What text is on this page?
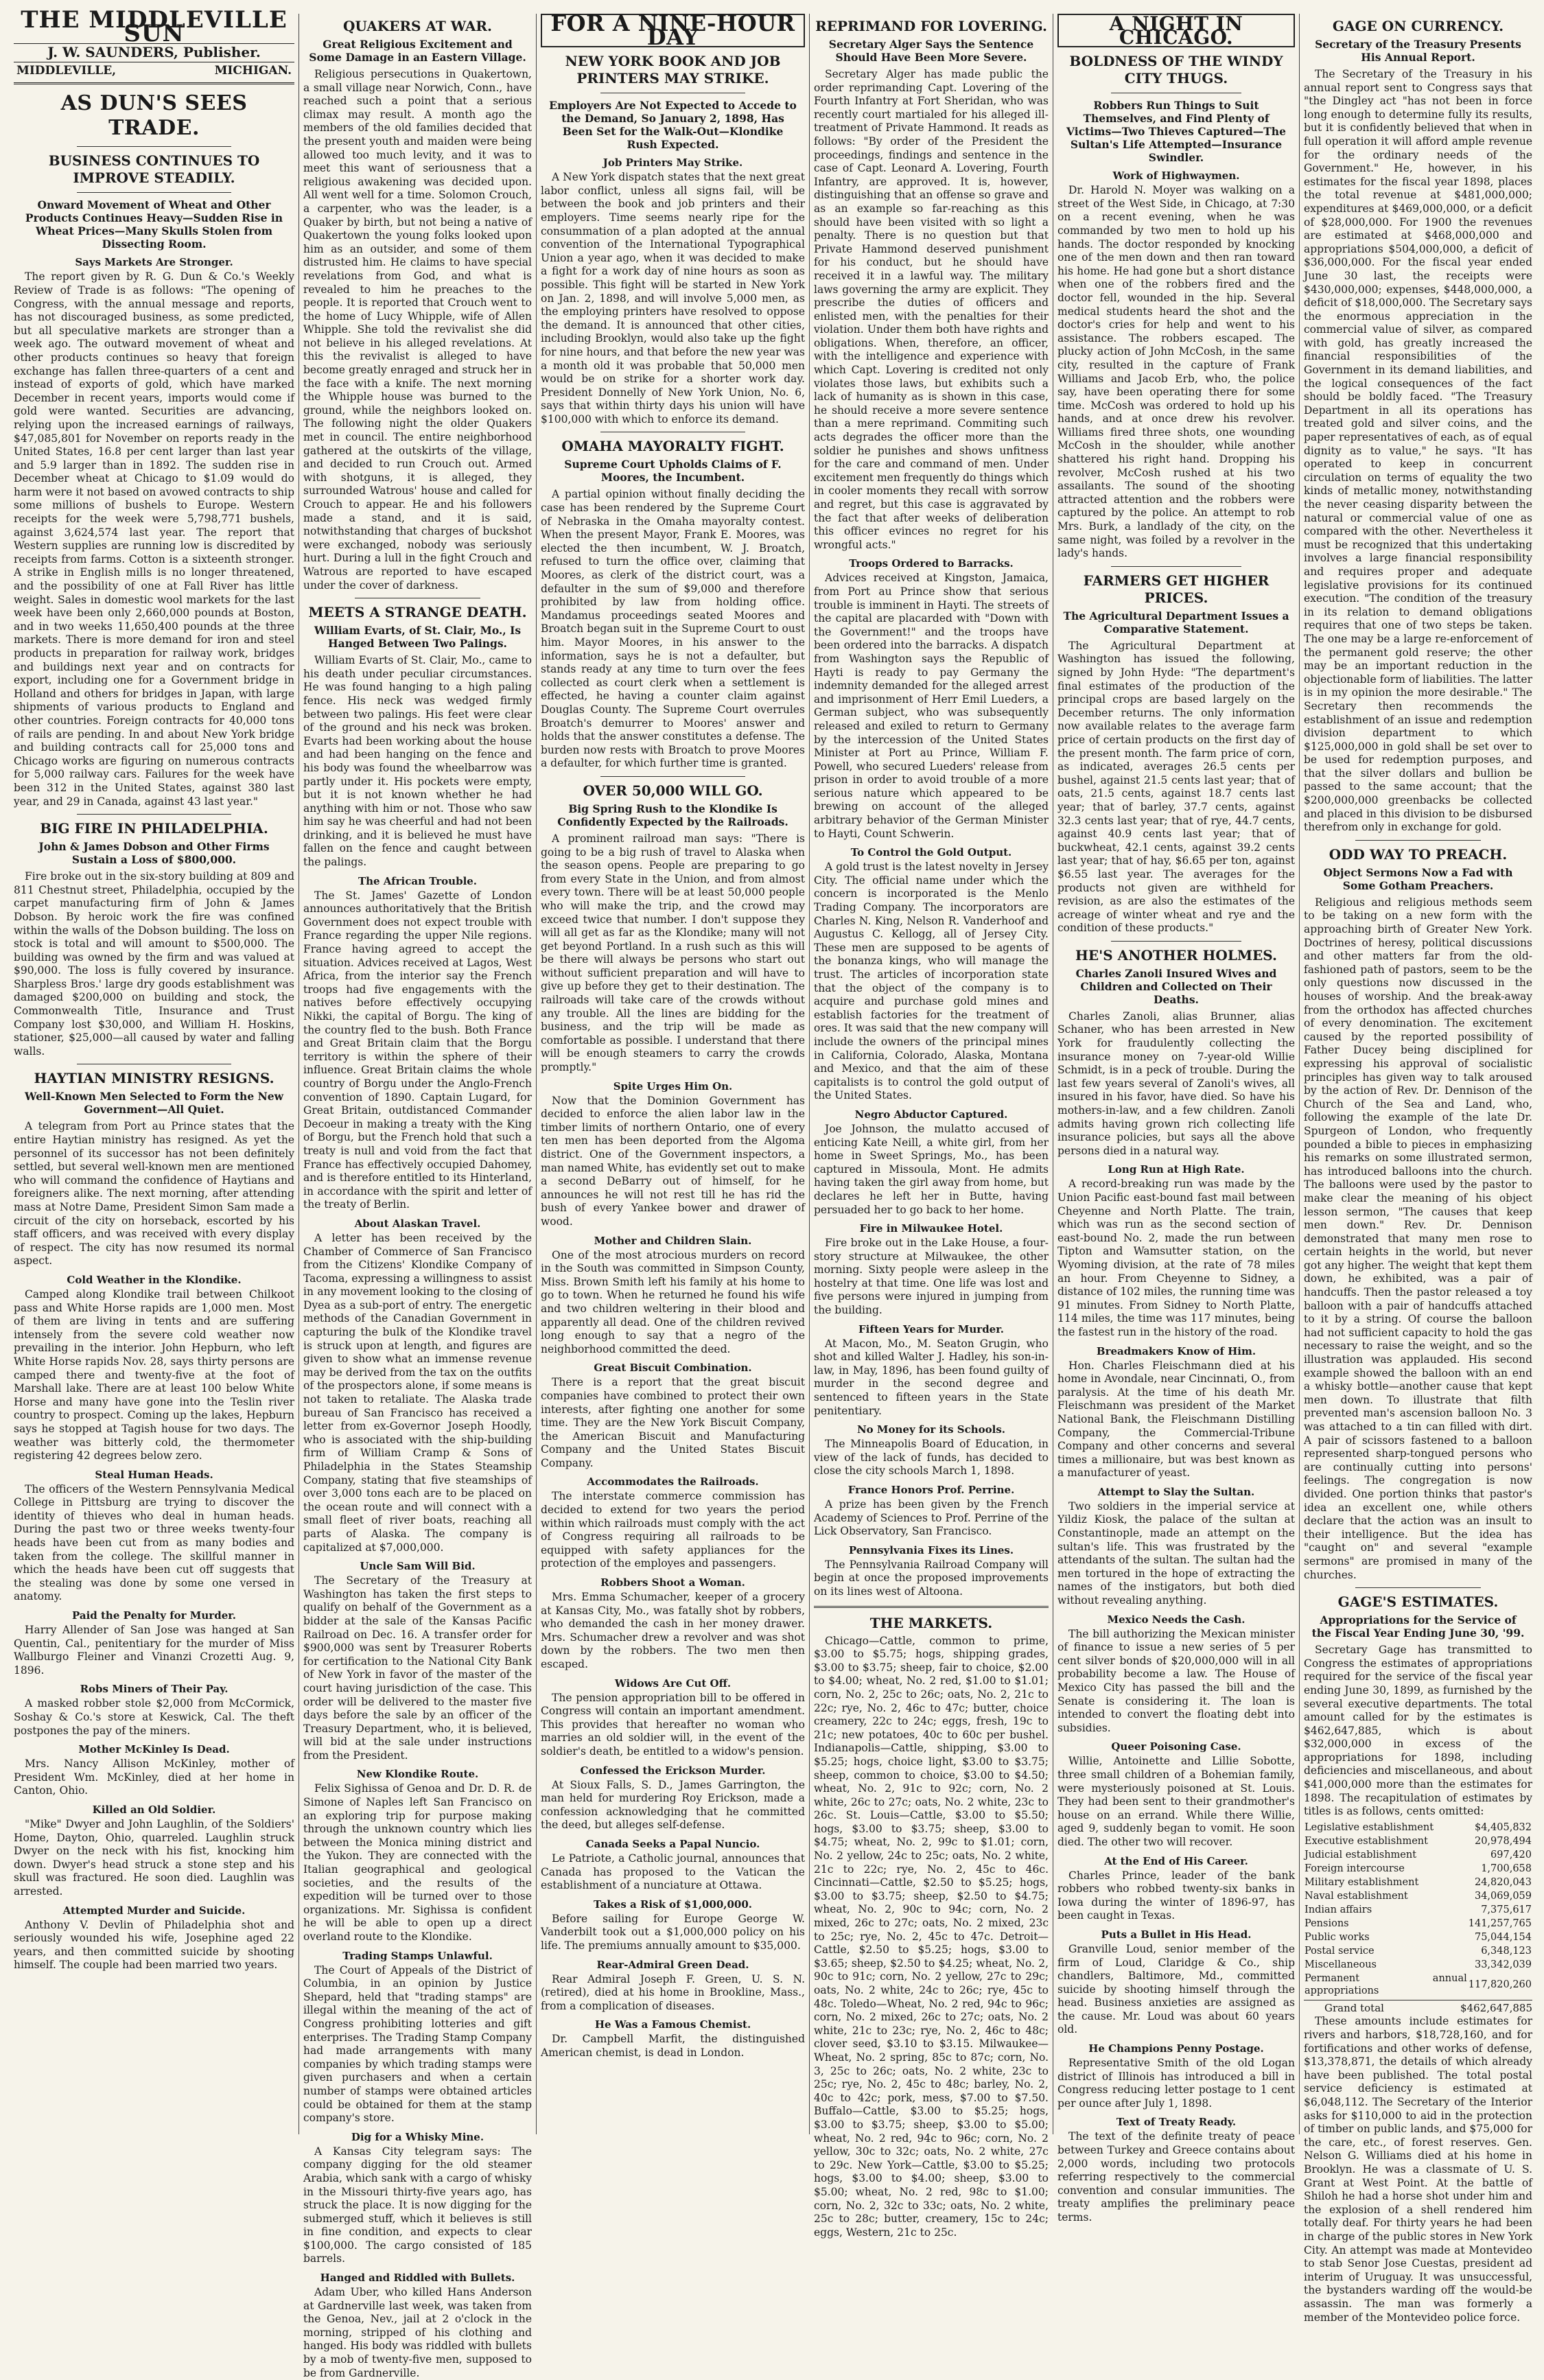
THE MIDDLEVILLE SUN
J. W. SAUNDERS, Publisher.
MIDDLEVILLE,	MICHIGAN.
AS DUN'S SEES TRADE.
BUSINESS CONTINUES TO IMPROVE STEADILY.
Onward Movement of Wheat and Other Products Continues Heavy—Sudden Rise in Wheat Prices—Many Skulls Stolen from Dissecting Room.
Says Markets Are Stronger.

The report given by R. G. Dun & Co.'s Weekly Review of Trade is as follows: "The opening of Congress, with the annual message and reports, has not discouraged business, as some predicted, but all speculative markets are stronger than a week ago. The outward movement of wheat and other products continues so heavy that foreign exchange has fallen three-quarters of a cent and instead of exports of gold, which have marked December in recent years, imports would come if gold were wanted. Securities are advancing, relying upon the increased earnings of railways, $47,085,801 for November on reports ready in the United States, 16.8 per cent larger than last year and 5.9 larger than in 1892. The sudden rise in December wheat at Chicago to $1.09 would do harm were it not based on avowed contracts to ship some millions of bushels to Europe. Western receipts for the week were 5,798,771 bushels, against 3,624,574 last year. The report that Western supplies are running low is discredited by receipts from farms. Cotton is a sixteenth stronger. A strike in English mills is no longer threatened, and the possibility of one at Fall River has little weight. Sales in domestic wool markets for the last week have been only 2,660,000 pounds at Boston, and in two weeks 11,650,400 pounds at the three markets. There is more demand for iron and steel products in preparation for railway work, bridges and buildings next year and on contracts for export, including one for a Government bridge in Holland and others for bridges in Japan, with large shipments of various products to England and other countries. Foreign contracts for 40,000 tons of rails are pending. In and about New York bridge and building contracts call for 25,000 tons and Chicago works are figuring on numerous contracts for 5,000 railway cars. Failures for the week have been 312 in the United States, against 380 last year, and 29 in Canada, against 43 last year."

BIG FIRE IN PHILADELPHIA.
John & James Dobson and Other Firms Sustain a Loss of $800,000.

Fire broke out in the six-story building at 809 and 811 Chestnut street, Philadelphia, occupied by the carpet manufacturing firm of John & James Dobson. By heroic work the fire was confined within the walls of the Dobson building. The loss on stock is total and will amount to $500,000. The building was owned by the firm and was valued at $90,000. The loss is fully covered by insurance. Sharpless Bros.' large dry goods establishment was damaged $200,000 on building and stock, the Commonwealth Title, Insurance and Trust Company lost $30,000, and William H. Hoskins, stationer, $25,000—all caused by water and falling walls.

HAYTIAN MINISTRY RESIGNS.
Well-Known Men Selected to Form the New Government—All Quiet.

A telegram from Port au Prince states that the entire Haytian ministry has resigned. As yet the personnel of its successor has not been definitely settled, but several well-known men are mentioned who will command the confidence of Haytians and foreigners alike. The next morning, after attending mass at Notre Dame, President Simon Sam made a circuit of the city on horseback, escorted by his staff officers, and was received with every display of respect. The city has now resumed its normal aspect.

Cold Weather in the Klondike.

Camped along Klondike trail between Chilkoot pass and White Horse rapids are 1,000 men. Most of them are living in tents and are suffering intensely from the severe cold weather now prevailing in the interior. John Hepburn, who left White Horse rapids Nov. 28, says thirty persons are camped there and twenty-five at the foot of Marshall lake. There are at least 100 below White Horse and many have gone into the Teslin river country to prospect. Coming up the lakes, Hepburn says he stopped at Tagish house for two days. The weather was bitterly cold, the thermometer registering 42 degrees below zero.

Steal Human Heads.

The officers of the Western Pennsylvania Medical College in Pittsburg are trying to discover the identity of thieves who deal in human heads. During the past two or three weeks twenty-four heads have been cut from as many bodies and taken from the college. The skillful manner in which the heads have been cut off suggests that the stealing was done by some one versed in anatomy.

Paid the Penalty for Murder.

Harry Allender of San Jose was hanged at San Quentin, Cal., penitentiary for the murder of Miss Wallburgo Fleiner and Vinanzi Crozetti Aug. 9, 1896.

Robs Miners of Their Pay.

A masked robber stole $2,000 from McCormick, Soshay & Co.'s store at Keswick, Cal. The theft postpones the pay of the miners.

Mother McKinley Is Dead.

Mrs. Nancy Allison McKinley, mother of President Wm. McKinley, died at her home in Canton, Ohio.

Killed an Old Soldier.

"Mike" Dwyer and John Laughlin, of the Soldiers' Home, Dayton, Ohio, quarreled. Laughlin struck Dwyer on the neck with his fist, knocking him down. Dwyer's head struck a stone step and his skull was fractured. He soon died. Laughlin was arrested.

Attempted Murder and Suicide.

Anthony V. Devlin of Philadelphia shot and seriously wounded his wife, Josephine aged 22 years, and then committed suicide by shooting himself. The couple had been married two years.

QUAKERS AT WAR.
Great Religious Excitement and Some Damage in an Eastern Village.

Religious persecutions in Quakertown, a small village near Norwich, Conn., have reached such a point that a serious climax may result. A month ago the members of the old families decided that the present youth and maiden were being allowed too much levity, and it was to meet this want of seriousness that a religious awakening was decided upon. All went well for a time. Solomon Crouch, a carpenter, who was the leader, is a Quaker by birth, but not being a native of Quakertown the young folks looked upon him as an outsider, and some of them distrusted him. He claims to have special revelations from God, and what is revealed to him he preaches to the people. It is reported that Crouch went to the home of Lucy Whipple, wife of Allen Whipple. She told the revivalist she did not believe in his alleged revelations. At this the revivalist is alleged to have become greatly enraged and struck her in the face with a knife. The next morning the Whipple house was burned to the ground, while the neighbors looked on. The following night the older Quakers met in council. The entire neighborhood gathered at the outskirts of the village, and decided to run Crouch out. Armed with shotguns, it is alleged, they surrounded Watrous' house and called for Crouch to appear. He and his followers made a stand, and it is said, notwithstanding that charges of buckshot were exchanged, nobody was seriously hurt. During a lull in the fight Crouch and Watrous are reported to have escaped under the cover of darkness.

MEETS A STRANGE DEATH.
William Evarts, of St. Clair, Mo., Is Hanged Between Two Palings.

William Evarts of St. Clair, Mo., came to his death under peculiar circumstances. He was found hanging to a high paling fence. His neck was wedged firmly between two palings. His feet were clear of the ground and his neck was broken. Evarts had been working about the house and had been hanging on the fence and his body was found the wheelbarrow was partly under it. His pockets were empty, but it is not known whether he had anything with him or not. Those who saw him say he was cheerful and had not been drinking, and it is believed he must have fallen on the fence and caught between the palings.

The African Trouble.

The St. James' Gazette of London announces authoritatively that the British Government does not expect trouble with France regarding the upper Nile regions. France having agreed to accept the situation. Advices received at Lagos, West Africa, from the interior say the French troops had five engagements with the natives before effectively occupying Nikki, the capital of Borgu. The king of the country fled to the bush. Both France and Great Britain claim that the Borgu territory is within the sphere of their influence. Great Britain claims the whole country of Borgu under the Anglo-French convention of 1890. Captain Lugard, for Great Britain, outdistanced Commander Decoeur in making a treaty with the King of Borgu, but the French hold that such a treaty is null and void from the fact that France has effectively occupied Dahomey, and is therefore entitled to its Hinterland, in accordance with the spirit and letter of the treaty of Berlin.

About Alaskan Travel.

A letter has been received by the Chamber of Commerce of San Francisco from the Citizens' Klondike Company of Tacoma, expressing a willingness to assist in any movement looking to the closing of Dyea as a sub-port of entry. The energetic methods of the Canadian Government in capturing the bulk of the Klondike travel is struck upon at length, and figures are given to show what an immense revenue may be derived from the tax on the outfits of the prospectors alone, if some means is not taken to retaliate. The Alaska trade bureau of San Francisco has received a letter from ex-Governor Joseph Hoodly, who is associated with the ship-building firm of William Cramp & Sons of Philadelphia in the States Steamship Company, stating that five steamships of over 3,000 tons each are to be placed on the ocean route and will connect with a small fleet of river boats, reaching all parts of Alaska. The company is capitalized at $7,000,000.

Uncle Sam Will Bid.

The Secretary of the Treasury at Washington has taken the first steps to qualify on behalf of the Government as a bidder at the sale of the Kansas Pacific Railroad on Dec. 16. A transfer order for $900,000 was sent by Treasurer Roberts for certification to the National City Bank of New York in favor of the master of the court having jurisdiction of the case. This order will be delivered to the master five days before the sale by an officer of the Treasury Department, who, it is believed, will bid at the sale under instructions from the President.

New Klondike Route.

Felix Sighissa of Genoa and Dr. D. R. de Simone of Naples left San Francisco on an exploring trip for purpose making through the unknown country which lies between the Monica mining district and the Yukon. They are connected with the Italian geographical and geological societies, and the results of the expedition will be turned over to those organizations. Mr. Sighissa is confident he will be able to open up a direct overland route to the Klondike.

Trading Stamps Unlawful.

The Court of Appeals of the District of Columbia, in an opinion by Justice Shepard, held that "trading stamps" are illegal within the meaning of the act of Congress prohibiting lotteries and gift enterprises. The Trading Stamp Company had made arrangements with many companies by which trading stamps were given purchasers and when a certain number of stamps were obtained articles could be obtained for them at the stamp company's store.

Dig for a Whisky Mine.

A Kansas City telegram says: The company digging for the old steamer Arabia, which sank with a cargo of whisky in the Missouri thirty-five years ago, has struck the place. It is now digging for the submerged stuff, which it believes is still in fine condition, and expects to clear $100,000. The cargo consisted of 185 barrels.

Hanged and Riddled with Bullets.

Adam Uber, who killed Hans Anderson at Gardnerville last week, was taken from the Genoa, Nev., jail at 2 o'clock in the morning, stripped of his clothing and hanged. His body was riddled with bullets by a mob of twenty-five men, supposed to be from Gardnerville.

FOR A NINE-HOUR DAY
NEW YORK BOOK AND JOB PRINTERS MAY STRIKE.
Employers Are Not Expected to Accede to the Demand, So January 2, 1898, Has Been Set for the Walk-Out—Klondike Rush Expected.
Job Printers May Strike.

A New York dispatch states that the next great labor conflict, unless all signs fail, will be between the book and job printers and their employers. Time seems nearly ripe for the consummation of a plan adopted at the annual convention of the International Typographical Union a year ago, when it was decided to make a fight for a work day of nine hours as soon as possible. This fight will be started in New York on Jan. 2, 1898, and will involve 5,000 men, as the employing printers have resolved to oppose the demand. It is announced that other cities, including Brooklyn, would also take up the fight for nine hours, and that before the new year was a month old it was probable that 50,000 men would be on strike for a shorter work day. President Donnelly of New York Union, No. 6, says that within thirty days his union will have $100,000 with which to enforce its demand.

OMAHA MAYORALTY FIGHT.
Supreme Court Upholds Claims of F. Moores, the Incumbent.

A partial opinion without finally deciding the case has been rendered by the Supreme Court of Nebraska in the Omaha mayoralty contest. When the present Mayor, Frank E. Moores, was elected the then incumbent, W. J. Broatch, refused to turn the office over, claiming that Moores, as clerk of the district court, was a defaulter in the sum of $9,000 and therefore prohibited by law from holding office. Mandamus proceedings seated Moores and Broatch began suit in the Supreme Court to oust him. Mayor Moores, in his answer to the information, says he is not a defaulter, but stands ready at any time to turn over the fees collected as court clerk when a settlement is effected, he having a counter claim against Douglas County. The Supreme Court overrules Broatch's demurrer to Moores' answer and holds that the answer constitutes a defense. The burden now rests with Broatch to prove Moores a defaulter, for which further time is granted.

OVER 50,000 WILL GO.
Big Spring Rush to the Klondike Is Confidently Expected by the Railroads.

A prominent railroad man says: "There is going to be a big rush of travel to Alaska when the season opens. People are preparing to go from every State in the Union, and from almost every town. There will be at least 50,000 people who will make the trip, and the crowd may exceed twice that number. I don't suppose they will all get as far as the Klondike; many will not get beyond Portland. In a rush such as this will be there will always be persons who start out without sufficient preparation and will have to give up before they get to their destination. The railroads will take care of the crowds without any trouble. All the lines are bidding for the business, and the trip will be made as comfortable as possible. I understand that there will be enough steamers to carry the crowds promptly."

Spite Urges Him On.

Now that the Dominion Government has decided to enforce the alien labor law in the timber limits of northern Ontario, one of every ten men has been deported from the Algoma district. One of the Government inspectors, a man named White, has evidently set out to make a second DeBarry out of himself, for he announces he will not rest till he has rid the bush of every Yankee bower and drawer of wood.

Mother and Children Slain.

One of the most atrocious murders on record in the South was committed in Simpson County, Miss. Brown Smith left his family at his home to go to town. When he returned he found his wife and two children weltering in their blood and apparently all dead. One of the children revived long enough to say that a negro of the neighborhood committed the deed.

Great Biscuit Combination.

There is a report that the great biscuit companies have combined to protect their own interests, after fighting one another for some time. They are the New York Biscuit Company, the American Biscuit and Manufacturing Company and the United States Biscuit Company.

Accommodates the Railroads.

The interstate commerce commission has decided to extend for two years the period within which railroads must comply with the act of Congress requiring all railroads to be equipped with safety appliances for the protection of the employes and passengers.

Robbers Shoot a Woman.

Mrs. Emma Schumacher, keeper of a grocery at Kansas City, Mo., was fatally shot by robbers, who demanded the cash in her money drawer. Mrs. Schumacher drew a revolver and was shot down by the robbers. The two men then escaped.

Widows Are Cut Off.

The pension appropriation bill to be offered in Congress will contain an important amendment. This provides that hereafter no woman who marries an old soldier will, in the event of the soldier's death, be entitled to a widow's pension.

Confessed the Erickson Murder.

At Sioux Falls, S. D., James Garrington, the man held for murdering Roy Erickson, made a confession acknowledging that he committed the deed, but alleges self-defense.

Canada Seeks a Papal Nuncio.

Le Patriote, a Catholic journal, announces that Canada has proposed to the Vatican the establishment of a nunciature at Ottawa.

Takes a Risk of $1,000,000.

Before sailing for Europe George W. Vanderbilt took out a $1,000,000 policy on his life. The premiums annually amount to $35,000.

Rear-Admiral Green Dead.

Rear Admiral Joseph F. Green, U. S. N. (retired), died at his home in Brookline, Mass., from a complication of diseases.

He Was a Famous Chemist.

Dr. Campbell Marfit, the distinguished American chemist, is dead in London.

REPRIMAND FOR LOVERING.
Secretary Alger Says the Sentence Should Have Been More Severe.

Secretary Alger has made public the order reprimanding Capt. Lovering of the Fourth Infantry at Fort Sheridan, who was recently court martialed for his alleged ill-treatment of Private Hammond. It reads as follows: "By order of the President the proceedings, findings and sentence in the case of Capt. Leonard A. Lovering, Fourth Infantry, are approved. It is, however, distinguishing that an offense so grave and as an example so far-reaching as this should have been visited with so light a penalty. There is no question but that Private Hammond deserved punishment for his conduct, but he should have received it in a lawful way. The military laws governing the army are explicit. They prescribe the duties of officers and enlisted men, with the penalties for their violation. Under them both have rights and obligations. When, therefore, an officer, with the intelligence and experience with which Capt. Lovering is credited not only violates those laws, but exhibits such a lack of humanity as is shown in this case, he should receive a more severe sentence than a mere reprimand. Commiting such acts degrades the officer more than the soldier he punishes and shows unfitness for the care and command of men. Under excitement men frequently do things which in cooler moments they recall with sorrow and regret, but this case is aggravated by the fact that after weeks of deliberation this officer evinces no regret for his wrongful acts."

Troops Ordered to Barracks.

Advices received at Kingston, Jamaica, from Port au Prince show that serious trouble is imminent in Hayti. The streets of the capital are placarded with "Down with the Government!" and the troops have been ordered into the barracks. A dispatch from Washington says the Republic of Hayti is ready to pay Germany the indemnity demanded for the alleged arrest and imprisonment of Herr Emil Lueders, a German subject, who was subsequently released and exiled to return to Germany by the intercession of the United States Minister at Port au Prince, William F. Powell, who secured Lueders' release from prison in order to avoid trouble of a more serious nature which appeared to be brewing on account of the alleged arbitrary behavior of the German Minister to Hayti, Count Schwerin.

To Control the Gold Output.

A gold trust is the latest novelty in Jersey City. The official name under which the concern is incorporated is the Menlo Trading Company. The incorporators are Charles N. King, Nelson R. Vanderhoof and Augustus C. Kellogg, all of Jersey City. These men are supposed to be agents of the bonanza kings, who will manage the trust. The articles of incorporation state that the object of the company is to acquire and purchase gold mines and establish factories for the treatment of ores. It was said that the new company will include the owners of the principal mines in California, Colorado, Alaska, Montana and Mexico, and that the aim of these capitalists is to control the gold output of the United States.

Negro Abductor Captured.

Joe Johnson, the mulatto accused of enticing Kate Neill, a white girl, from her home in Sweet Springs, Mo., has been captured in Missoula, Mont. He admits having taken the girl away from home, but declares he left her in Butte, having persuaded her to go back to her home.

Fire in Milwaukee Hotel.

Fire broke out in the Lake House, a four-story structure at Milwaukee, the other morning. Sixty people were asleep in the hostelry at that time. One life was lost and five persons were injured in jumping from the building.

Fifteen Years for Murder.

At Macon, Mo., M. Seaton Grugin, who shot and killed Walter J. Hadley, his son-in-law, in May, 1896, has been found guilty of murder in the second degree and sentenced to fifteen years in the State penitentiary.

No Money for its Schools.

The Minneapolis Board of Education, in view of the lack of funds, has decided to close the city schools March 1, 1898.

France Honors Prof. Perrine.

A prize has been given by the French Academy of Sciences to Prof. Perrine of the Lick Observatory, San Francisco.

Pennsylvania Fixes its Lines.

The Pennsylvania Railroad Company will begin at once the proposed improvements on its lines west of Altoona.

THE MARKETS.

Chicago—Cattle, common to prime, $3.00 to $5.75; hogs, shipping grades, $3.00 to $3.75; sheep, fair to choice, $2.00 to $4.00; wheat, No. 2 red, $1.00 to $1.01; corn, No. 2, 25c to 26c; oats, No. 2, 21c to 22c; rye, No. 2, 46c to 47c; butter, choice creamery, 22c to 24c; eggs, fresh, 19c to 21c; new potatoes, 40c to 60c per bushel. Indianapolis—Cattle, shipping, $3.00 to $5.25; hogs, choice light, $3.00 to $3.75; sheep, common to choice, $3.00 to $4.50; wheat, No. 2, 91c to 92c; corn, No. 2 white, 26c to 27c; oats, No. 2 white, 23c to 26c. St. Louis—Cattle, $3.00 to $5.50; hogs, $3.00 to $3.75; sheep, $3.00 to $4.75; wheat, No. 2, 99c to $1.01; corn, No. 2 yellow, 24c to 25c; oats, No. 2 white, 21c to 22c; rye, No. 2, 45c to 46c. Cincinnati—Cattle, $2.50 to $5.25; hogs, $3.00 to $3.75; sheep, $2.50 to $4.75; wheat, No. 2, 90c to 94c; corn, No. 2 mixed, 26c to 27c; oats, No. 2 mixed, 23c to 25c; rye, No. 2, 45c to 47c. Detroit—Cattle, $2.50 to $5.25; hogs, $3.00 to $3.65; sheep, $2.50 to $4.25; wheat, No. 2, 90c to 91c; corn, No. 2 yellow, 27c to 29c; oats, No. 2 white, 24c to 26c; rye, 45c to 48c. Toledo—Wheat, No. 2 red, 94c to 96c; corn, No. 2 mixed, 26c to 27c; oats, No. 2 white, 21c to 23c; rye, No. 2, 46c to 48c; clover seed, $3.10 to $3.15. Milwaukee—Wheat, No. 2 spring, 85c to 87c; corn, No. 3, 25c to 26c; oats, No. 2 white, 23c to 25c; rye, No. 2, 45c to 48c; barley, No. 2, 40c to 42c; pork, mess, $7.00 to $7.50. Buffalo—Cattle, $3.00 to $5.25; hogs, $3.00 to $3.75; sheep, $3.00 to $5.00; wheat, No. 2 red, 94c to 96c; corn, No. 2 yellow, 30c to 32c; oats, No. 2 white, 27c to 29c. New York—Cattle, $3.00 to $5.25; hogs, $3.00 to $4.00; sheep, $3.00 to $5.00; wheat, No. 2 red, 98c to $1.00; corn, No. 2, 32c to 33c; oats, No. 2 white, 25c to 28c; butter, creamery, 15c to 24c; eggs, Western, 21c to 25c.

A NIGHT IN CHICAGO.
BOLDNESS OF THE WINDY CITY THUGS.
Robbers Run Things to Suit Themselves, and Find Plenty of Victims—Two Thieves Captured—The Sultan's Life Attempted—Insurance Swindler.
Work of Highwaymen.

Dr. Harold N. Moyer was walking on a street of the West Side, in Chicago, at 7:30 on a recent evening, when he was commanded by two men to hold up his hands. The doctor responded by knocking one of the men down and then ran toward his home. He had gone but a short distance when one of the robbers fired and the doctor fell, wounded in the hip. Several medical students heard the shot and the doctor's cries for help and went to his assistance. The robbers escaped. The plucky action of John McCosh, in the same city, resulted in the capture of Frank Williams and Jacob Erb, who, the police say, have been operating there for some time. McCosh was ordered to hold up his hands, and at once drew his revolver. Williams fired three shots, one wounding McCosh in the shoulder, while another shattered his right hand. Dropping his revolver, McCosh rushed at his two assailants. The sound of the shooting attracted attention and the robbers were captured by the police. An attempt to rob Mrs. Burk, a landlady of the city, on the same night, was foiled by a revolver in the lady's hands.

FARMERS GET HIGHER PRICES.
The Agricultural Department Issues a Comparative Statement.

The Agricultural Department at Washington has issued the following, signed by John Hyde: "The department's final estimates of the production of the principal crops are based largely on the December returns. The only information now available relates to the average farm price of certain products on the first day of the present month. The farm price of corn, as indicated, averages 26.5 cents per bushel, against 21.5 cents last year; that of oats, 21.5 cents, against 18.7 cents last year; that of barley, 37.7 cents, against 32.3 cents last year; that of rye, 44.7 cents, against 40.9 cents last year; that of buckwheat, 42.1 cents, against 39.2 cents last year; that of hay, $6.65 per ton, against $6.55 last year. The averages for the products not given are withheld for revision, as are also the estimates of the acreage of winter wheat and rye and the condition of these products."

HE'S ANOTHER HOLMES.
Charles Zanoli Insured Wives and Children and Collected on Their Deaths.

Charles Zanoli, alias Brunner, alias Schaner, who has been arrested in New York for fraudulently collecting the insurance money on 7-year-old Willie Schmidt, is in a peck of trouble. During the last few years several of Zanoli's wives, all insured in his favor, have died. So have his mothers-in-law, and a few children. Zanoli admits having grown rich collecting life insurance policies, but says all the above persons died in a natural way.

Long Run at High Rate.

A record-breaking run was made by the Union Pacific east-bound fast mail between Cheyenne and North Platte. The train, which was run as the second section of east-bound No. 2, made the run between Tipton and Wamsutter station, on the Wyoming division, at the rate of 78 miles an hour. From Cheyenne to Sidney, a distance of 102 miles, the running time was 91 minutes. From Sidney to North Platte, 114 miles, the time was 117 minutes, being the fastest run in the history of the road.

Breadmakers Know of Him.

Hon. Charles Fleischmann died at his home in Avondale, near Cincinnati, O., from paralysis. At the time of his death Mr. Fleischmann was president of the Market National Bank, the Fleischmann Distilling Company, the Commercial-Tribune Company and other concerns and several times a millionaire, but was best known as a manufacturer of yeast.

Attempt to Slay the Sultan.

Two soldiers in the imperial service at Yildiz Kiosk, the palace of the sultan at Constantinople, made an attempt on the sultan's life. This was frustrated by the attendants of the sultan. The sultan had the men tortured in the hope of extracting the names of the instigators, but both died without revealing anything.

Mexico Needs the Cash.

The bill authorizing the Mexican minister of finance to issue a new series of 5 per cent silver bonds of $20,000,000 will in all probability become a law. The House of Mexico City has passed the bill and the Senate is considering it. The loan is intended to convert the floating debt into subsidies.

Queer Poisoning Case.

Willie, Antoinette and Lillie Sobotte, three small children of a Bohemian family, were mysteriously poisoned at St. Louis. They had been sent to their grandmother's house on an errand. While there Willie, aged 9, suddenly began to vomit. He soon died. The other two will recover.

At the End of His Career.

Charles Prince, leader of the bank robbers who robbed twenty-six banks in Iowa during the winter of 1896-97, has been caught in Texas.

Puts a Bullet in His Head.

Granville Loud, senior member of the firm of Loud, Claridge & Co., ship chandlers, Baltimore, Md., committed suicide by shooting himself through the head. Business anxieties are assigned as the cause. Mr. Loud was about 60 years old.

He Champions Penny Postage.

Representative Smith of the old Logan district of Illinois has introduced a bill in Congress reducing letter postage to 1 cent per ounce after July 1, 1898.

Text of Treaty Ready.

The text of the definite treaty of peace between Turkey and Greece contains about 2,000 words, including two protocols referring respectively to the commercial convention and consular immunities. The treaty amplifies the preliminary peace terms.

GAGE ON CURRENCY.
Secretary of the Treasury Presents His Annual Report.

The Secretary of the Treasury in his annual report sent to Congress says that "the Dingley act "has not been in force long enough to determine fully its results, but it is confidently believed that when in full operation it will afford ample revenue for the ordinary needs of the Government." He, however, in his estimates for the fiscal year 1898, places the total revenue at $481,000,000; expenditures at $469,000,000, or a deficit of $28,000,000. For 1900 the revenues are estimated at $468,000,000 and appropriations $504,000,000, a deficit of $36,000,000. For the fiscal year ended June 30 last, the receipts were $430,000,000; expenses, $448,000,000, a deficit of $18,000,000. The Secretary says the enormous appreciation in the commercial value of silver, as compared with gold, has greatly increased the financial responsibilities of the Government in its demand liabilities, and the logical consequences of the fact should be boldly faced. "The Treasury Department in all its operations has treated gold and silver coins, and the paper representatives of each, as of equal dignity as to value," he says. "It has operated to keep in concurrent circulation on terms of equality the two kinds of metallic money, notwithstanding the never ceasing disparity between the natural or commercial value of one as compared with the other. Nevertheless it must be recognized that this undertaking involves a large financial responsibility and requires proper and adequate legislative provisions for its continued execution. "The condition of the treasury in its relation to demand obligations requires that one of two steps be taken. The one may be a large re-enforcement of the permanent gold reserve; the other may be an important reduction in the objectionable form of liabilities. The latter is in my opinion the more desirable." The Secretary then recommends the establishment of an issue and redemption division department to which $125,000,000 in gold shall be set over to be used for redemption purposes, and that the silver dollars and bullion be passed to the same account; that the $200,000,000 greenbacks be collected and placed in this division to be disbursed therefrom only in exchange for gold.

ODD WAY TO PREACH.
Object Sermons Now a Fad with Some Gotham Preachers.

Religious and religious methods seem to be taking on a new form with the approaching birth of Greater New York. Doctrines of heresy, political discussions and other matters far from the old-fashioned path of pastors, seem to be the only questions now discussed in the houses of worship. And the break-away from the orthodox has affected churches of every denomination. The excitement caused by the reported possibility of Father Ducey being disciplined for expressing his approval of socialistic principles has given way to talk aroused by the action of Rev. Dr. Dennison of the Church of the Sea and Land, who, following the example of the late Dr. Spurgeon of London, who frequently pounded a bible to pieces in emphasizing his remarks on some illustrated sermon, has introduced balloons into the church. The balloons were used by the pastor to make clear the meaning of his object lesson sermon, "The causes that keep men down." Rev. Dr. Dennison demonstrated that many men rose to certain heights in the world, but never got any higher. The weight that kept them down, he exhibited, was a pair of handcuffs. Then the pastor released a toy balloon with a pair of handcuffs attached to it by a string. Of course the balloon had not sufficient capacity to hold the gas necessary to raise the weight, and so the illustration was applauded. His second example showed the balloon with an end a whisky bottle—another cause that kept men down. To illustrate that filth prevented man's ascension balloon No. 3 was attached to a tin can filled with dirt. A pair of scissors fastened to a balloon represented sharp-tongued persons who are continually cutting into persons' feelings. The congregation is now divided. One portion thinks that pastor's idea an excellent one, while others declare that the action was an insult to their intelligence. But the idea has "caught on" and several "example sermons" are promised in many of the churches.

GAGE'S ESTIMATES.
Appropriations for the Service of the Fiscal Year Ending June 30, '99.

Secretary Gage has transmitted to Congress the estimates of appropriations required for the service of the fiscal year ending June 30, 1899, as furnished by the several executive departments. The total amount called for by the estimates is $462,647,885, which is about $32,000,000 in excess of the appropriations for 1898, including deficiencies and miscellaneous, and about $41,000,000 more than the estimates for 1898. The recapitulation of estimates by titles is as follows, cents omitted:

Legislative establishment	$4,405,832
Executive establishment	20,978,494
Judicial establishment	697,420
Foreign intercourse	1,700,658
Military establishment	24,820,043
Naval establishment	34,069,059
Indian affairs	7,375,617
Pensions	141,257,765
Public works	75,044,154
Postal service	6,348,123
Miscellaneous	33,342,039
Permanent annual appropriations	117,820,260
Grand total	$462,647,885

These amounts include estimates for rivers and harbors, $18,728,160, and for fortifications and other works of defense, $13,378,871, the details of which already have been published. The total postal service deficiency is estimated at $6,048,112. The Secretary of the Interior asks for $110,000 to aid in the protection of timber on public lands, and $75,000 for the care, etc., of forest reserves. Gen. Nelson G. Williams died at his home in Brooklyn. He was a classmate of U. S. Grant at West Point. At the battle of Shiloh he had a horse shot under him and the explosion of a shell rendered him totally deaf. For thirty years he had been in charge of the public stores in New York City. An attempt was made at Montevideo to stab Senor Jose Cuestas, president ad interim of Uruguay. It was unsuccessful, the bystanders warding off the would-be assassin. The man was formerly a member of the Montevideo police force.
